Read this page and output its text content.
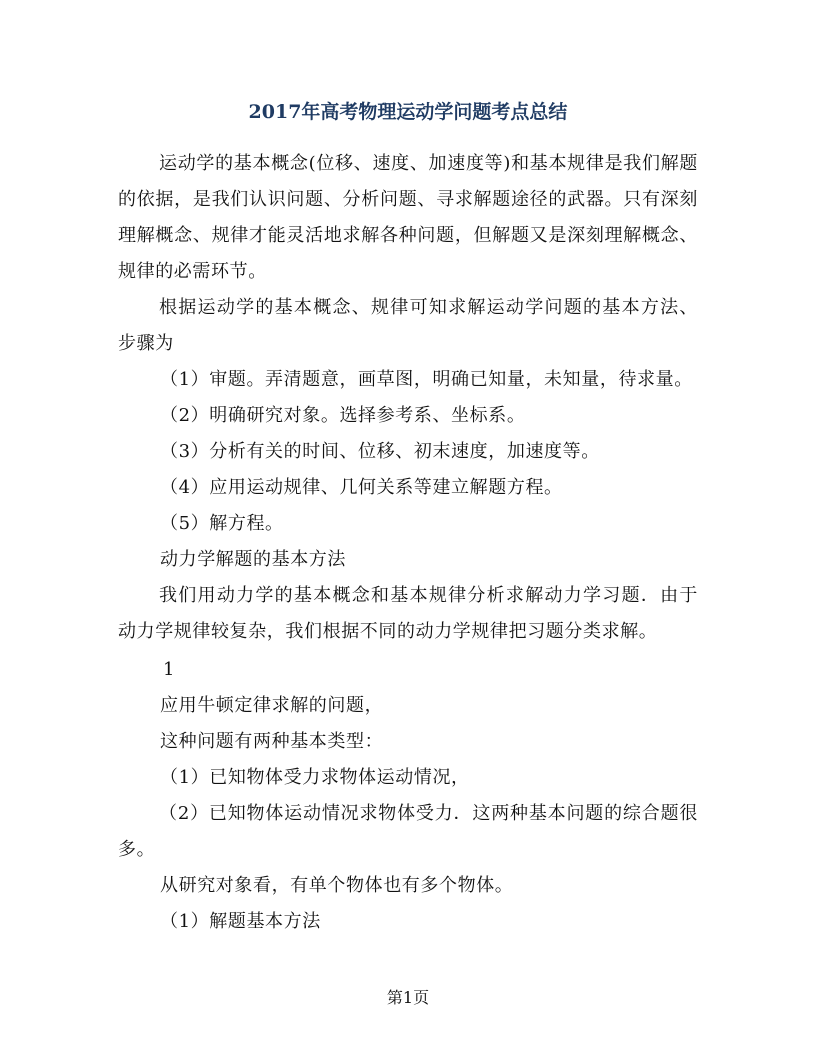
2017年高考物理运动学问题考点总结
运动学的基本概念(位移、速度、加速度等)和基本规律是我们解题的依据，是我们认识问题、分析问题、寻求解题途径的武器。只有深刻理解概念、规律才能灵活地求解各种问题，但解题又是深刻理解概念、规律的必需环节。
根据运动学的基本概念、规律可知求解运动学问题的基本方法、步骤为
（1）审题。弄清题意，画草图，明确已知量，未知量，待求量。
（2）明确研究对象。选择参考系、坐标系。
（3）分析有关的时间、位移、初末速度，加速度等。
（4）应用运动规律、几何关系等建立解题方程。
（5）解方程。
动力学解题的基本方法
我们用动力学的基本概念和基本规律分析求解动力学习题．由于动力学规律较复杂，我们根据不同的动力学规律把习题分类求解。
1
应用牛顿定律求解的问题，
这种问题有两种基本类型：
（1）已知物体受力求物体运动情况，
（2）已知物体运动情况求物体受力．这两种基本问题的综合题很多。
从研究对象看，有单个物体也有多个物体。
（1）解题基本方法
第1页
